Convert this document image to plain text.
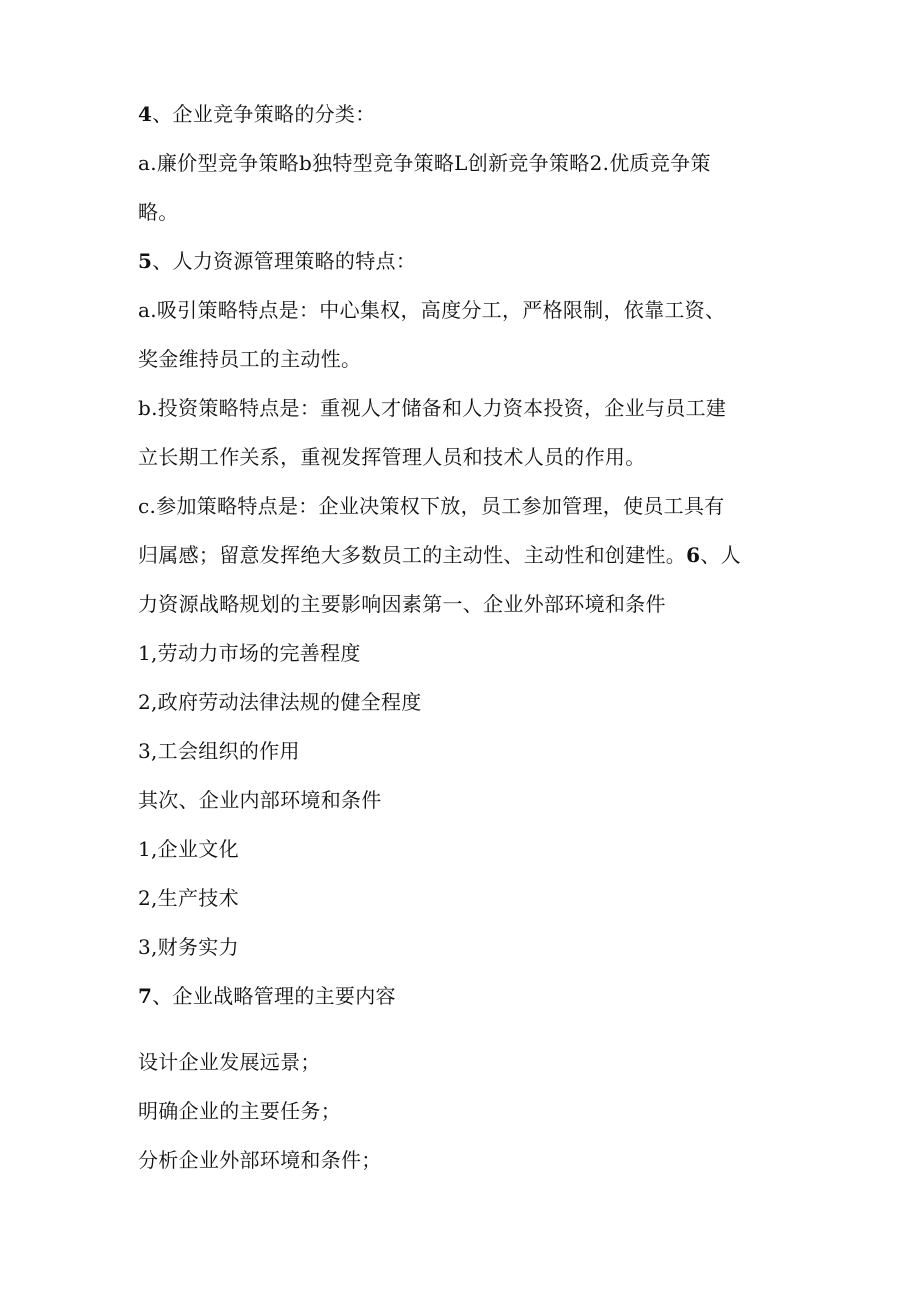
4、企业竞争策略的分类：
a.廉价型竞争策略b独特型竞争策略L创新竞争策略2.优质竞争策
略。
5、人力资源管理策略的特点：
a.吸引策略特点是：中心集权，高度分工，严格限制，依靠工资、
奖金维持员工的主动性。
b.投资策略特点是：重视人才储备和人力资本投资，企业与员工建
立长期工作关系，重视发挥管理人员和技术人员的作用。
c.参加策略特点是：企业决策权下放，员工参加管理，使员工具有
归属感；留意发挥绝大多数员工的主动性、主动性和创建性。6、人
力资源战略规划的主要影响因素第一、企业外部环境和条件
1,劳动力市场的完善程度
2,政府劳动法律法规的健全程度
3,工会组织的作用
其次、企业内部环境和条件
1,企业文化
2,生产技术
3,财务实力
7、企业战略管理的主要内容
设计企业发展远景；
明确企业的主要任务；
分析企业外部环境和条件；
